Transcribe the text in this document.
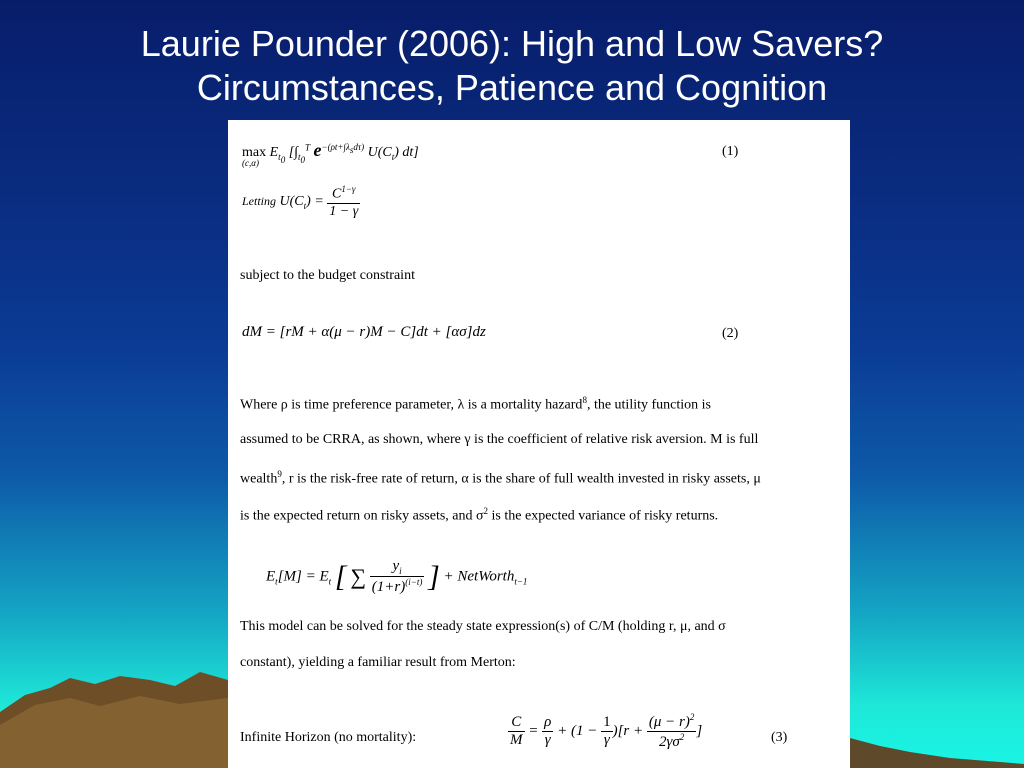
Laurie Pounder (2006): High and Low Savers?
Circumstances, Patience and Cognition
$\max E_{t_0}$ [$\int_{t_0}^T$ $e^{-(\rho t+\int\lambda_sd\tau)}$ $U(C_t)$ dt]
(c,α)
(1)
Letting $U(C_t) = \frac{C^{1-\gamma}}{1 - \gamma}$
subject to the budget constraint
dM = [rM + α(μ − r)M − C]dt + [ασ]dz	(2)
Where ρ is time preference parameter, λ is a mortality hazard$^8$, the utility function is
assumed to be CRRA, as shown, where γ is the coefficient of relative risk aversion. M is full
wealth$^9$, r is the risk-free rate of return, α is the share of full wealth invested in risky assets, μ
is the expected return on risky assets, and $\sigma^2$ is the expected variance of risky returns.
$E_t[M] = E_t$ [ ∑ $\frac{y_i}{(1+r)^{(i-t)}}$ ] + NetWorth$_{t-1}$
This model can be solved for the steady state expression(s) of C/M (holding r, μ, and σ
constant), yielding a familiar result from Merton:
Infinite Horizon (no mortality):	$\frac{C}{M} = \frac{\rho}{\gamma} + (1 - \frac{1}{\gamma} )[r + \frac{(\mu - r)^2}{2\gamma\sigma^2}$ ]	(3)
